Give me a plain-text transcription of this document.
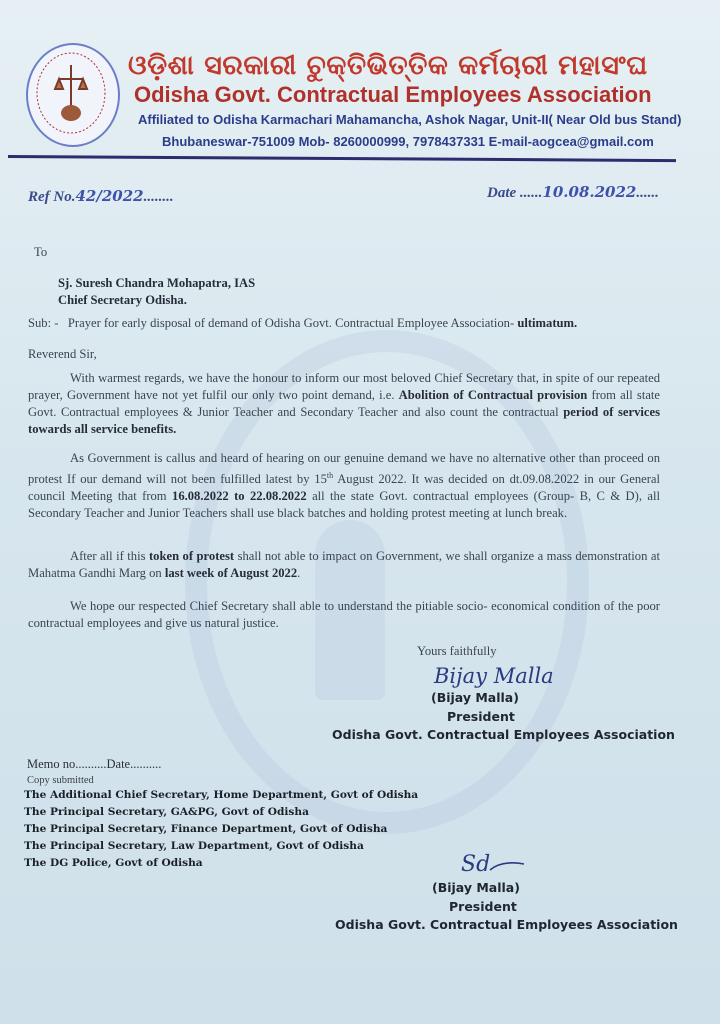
ଓଡ଼ିଶା ସରକାରୀ ଚୁକ୍ତିଭିତ୍ତିକ କର୍ମଚାରୀ ମହାସଂଘ
Odisha Govt. Contractual Employees Association
Affiliated to Odisha Karmachari Mahamancha, Ashok Nagar, Unit-II( Near Old bus Stand)
Bhubaneswar-751009 Mob- 8260000999, 7978437331 E-mail-aogcea@gmail.com
Ref No.42/2022........	Date ......10.08.2022......
To
Sj. Suresh Chandra Mohapatra, IAS
Chief Secretary Odisha.
Sub: - Prayer for early disposal of demand of Odisha Govt. Contractual Employee Association- ultimatum.
Reverend Sir,
With warmest regards, we have the honour to inform our most beloved Chief Secretary that, in spite of our repeated prayer, Government have not yet fulfil our only two point demand, i.e. Abolition of Contractual provision from all state Govt. Contractual employees & Junior Teacher and Secondary Teacher and also count the contractual period of services towards all service benefits.
As Government is callus and heard of hearing on our genuine demand we have no alternative other than proceed on protest If our demand will not been fulfilled latest by 15th August 2022. It was decided on dt.09.08.2022 in our General council Meeting that from 16.08.2022 to 22.08.2022 all the state Govt. contractual employees (Group- B, C & D), all Secondary Teacher and Junior Teachers shall use black batches and holding protest meeting at lunch break.
After all if this token of protest shall not able to impact on Government, we shall organize a mass demonstration at Mahatma Gandhi Marg on last week of August 2022.
We hope our respected Chief Secretary shall able to understand the pitiable socio- economical condition of the poor contractual employees and give us natural justice.
Yours faithfully
Bijay Malla
(Bijay Malla)
President
Odisha Govt. Contractual Employees Association
Memo no..........Date..........
Copy submitted
The Additional Chief Secretary, Home Department, Govt of Odisha
The Principal Secretary, GA&PG, Govt of Odisha
The Principal Secretary, Finance Department, Govt of Odisha
The Principal Secretary, Law Department, Govt of Odisha
The DG Police, Govt of Odisha	Sd
(Bijay Malla)
President
Odisha Govt. Contractual Employees Association
